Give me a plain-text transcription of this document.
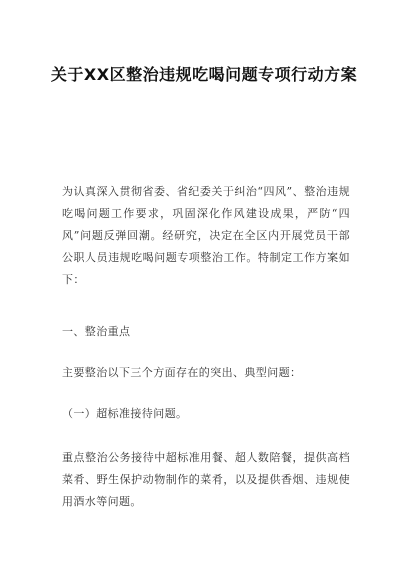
关于XX区整治违规吃喝问题专项行动方案

为认真深入贯彻省委、省纪委关于纠治“四风”、整治违规吃喝问题工作要求，巩固深化作风建设成果，严防“四风”问题反弹回潮。经研究，决定在全区内开展党员干部公职人员违规吃喝问题专项整治工作。特制定工作方案如下：

一、整治重点

主要整治以下三个方面存在的突出、典型问题：

（一）超标准接待问题。

重点整治公务接待中超标准用餐、超人数陪餐，提供高档菜肴、野生保护动物制作的菜肴，以及提供香烟、违规使用酒水等问题。
